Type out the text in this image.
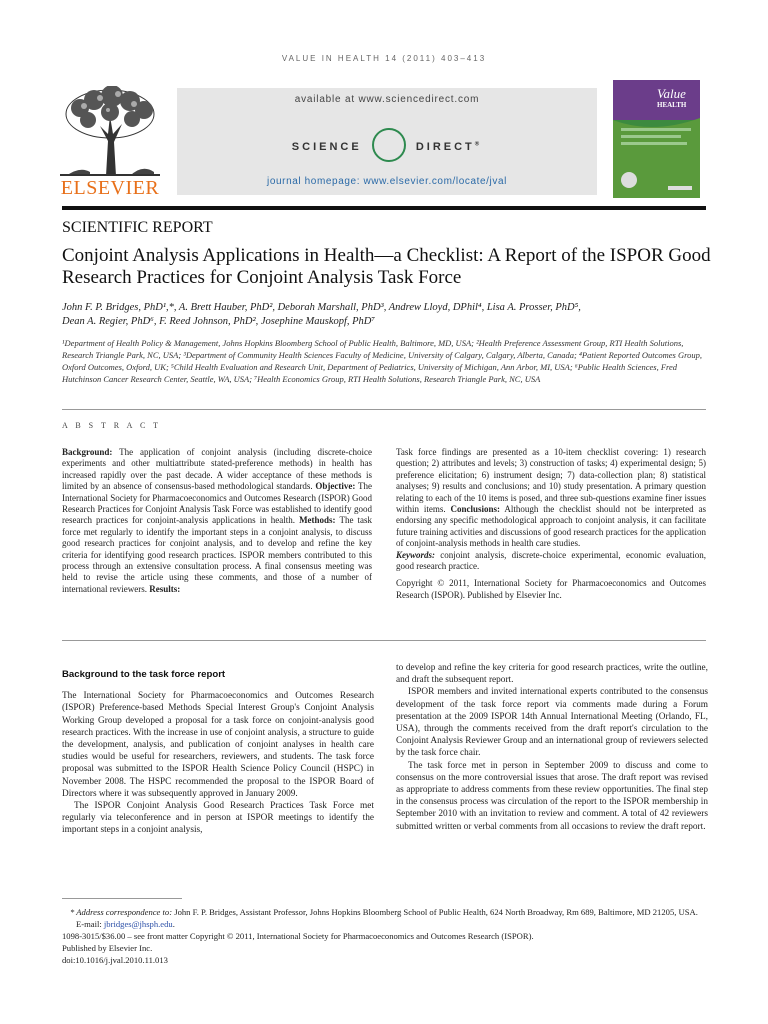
VALUE IN HEALTH 14 (2011) 403–413
ELSEVIER
available at www.sciencedirect.com
SCIENCE	DIRECT®
journal homepage: www.elsevier.com/locate/jval
Value
HEALTH
SCIENTIFIC REPORT
Conjoint Analysis Applications in Health—a Checklist: A Report of the ISPOR Good Research Practices for Conjoint Analysis Task Force
John F. P. Bridges, PhD¹,*, A. Brett Hauber, PhD², Deborah Marshall, PhD³, Andrew Lloyd, DPhil⁴, Lisa A. Prosser, PhD⁵,
Dean A. Regier, PhD⁶, F. Reed Johnson, PhD², Josephine Mauskopf, PhD⁷
¹Department of Health Policy & Management, Johns Hopkins Bloomberg School of Public Health, Baltimore, MD, USA; ²Health Preference Assessment Group, RTI Health Solutions, Research Triangle Park, NC, USA; ³Department of Community Health Sciences Faculty of Medicine, University of Calgary, Calgary, Alberta, Canada; ⁴Patient Reported Outcomes Group, Oxford Outcomes, Oxford, UK; ⁵Child Health Evaluation and Research Unit, Department of Pediatrics, University of Michigan, Ann Arbor, MI, USA; ⁶Public Health Sciences, Fred Hutchinson Cancer Research Center, Seattle, WA, USA; ⁷Health Economics Group, RTI Health Solutions, Research Triangle Park, NC, USA
A B S T R A C T

Background: The application of conjoint analysis (including discrete-choice experiments and other multiattribute stated-preference methods) in health has increased rapidly over the past decade. A wider acceptance of these methods is limited by an absence of consensus-based methodological standards. Objective: The International Society for Pharmacoeconomics and Outcomes Research (ISPOR) Good Research Practices for Conjoint Analysis Task Force was established to identify good research practices for conjoint-analysis applications in health. Methods: The task force met regularly to identify the important steps in a conjoint analysis, to discuss good research practices for conjoint analysis, and to develop and refine the key criteria for identifying good research practices. ISPOR members contributed to this process through an extensive consultation process. A final consensus meeting was held to revise the article using these comments, and those of a number of international reviewers. Results:

Task force findings are presented as a 10-item checklist covering: 1) research question; 2) attributes and levels; 3) construction of tasks; 4) experimental design; 5) preference elicitation; 6) instrument design; 7) data-collection plan; 8) statistical analyses; 9) results and conclusions; and 10) study presentation. A primary question relating to each of the 10 items is posed, and three sub-questions examine finer issues within items. Conclusions: Although the checklist should not be interpreted as endorsing any specific methodological approach to conjoint analysis, it can facilitate future training activities and discussions of good research practices for the application of conjoint-analysis methods in health care studies.

Keywords: conjoint analysis, discrete-choice experimental, economic evaluation, good research practice.

Copyright © 2011, International Society for Pharmacoeconomics and Outcomes Research (ISPOR). Published by Elsevier Inc.

Background to the task force report

The International Society for Pharmacoeconomics and Outcomes Research (ISPOR) Preference-based Methods Special Interest Group's Conjoint Analysis Working Group developed a proposal for a task force on conjoint-analysis good research practices. With the increase in use of conjoint analysis, a structure to guide the development, analysis, and publication of conjoint analyses in health care studies would be useful for researchers, reviewers, and students. The task force proposal was submitted to the ISPOR Health Science Policy Council (HSPC) in November 2008. The HSPC recommended the proposal to the ISPOR Board of Directors where it was subsequently approved in January 2009.

The ISPOR Conjoint Analysis Good Research Practices Task Force met regularly via teleconference and in person at ISPOR meetings to identify the important steps in a conjoint analysis,

to develop and refine the key criteria for good research practices, write the outline, and draft the subsequent report.

ISPOR members and invited international experts contributed to the consensus development of the task force report via comments made during a Forum presentation at the 2009 ISPOR 14th Annual International Meeting (Orlando, FL, USA), through the comments received from the draft report's circulation to the Conjoint Analysis Reviewer Group and an international group of reviewers selected by the task force chair.

The task force met in person in September 2009 to discuss and come to consensus on the more controversial issues that arose. The draft report was revised as appropriate to address comments from these review opportunities. The final step in the consensus process was circulation of the report to the ISPOR membership in September 2010 with an invitation to review and comment. A total of 42 reviewers submitted written or verbal comments from all occasions to review the draft report.

* Address correspondence to: John F. P. Bridges, Assistant Professor, Johns Hopkins Bloomberg School of Public Health, 624 North Broadway, Rm 689, Baltimore, MD 21205, USA.
E-mail: jbridges@jhsph.edu.
1098-3015/$36.00 – see front matter Copyright © 2011, International Society for Pharmacoeconomics and Outcomes Research (ISPOR).
Published by Elsevier Inc.
doi:10.1016/j.jval.2010.11.013
